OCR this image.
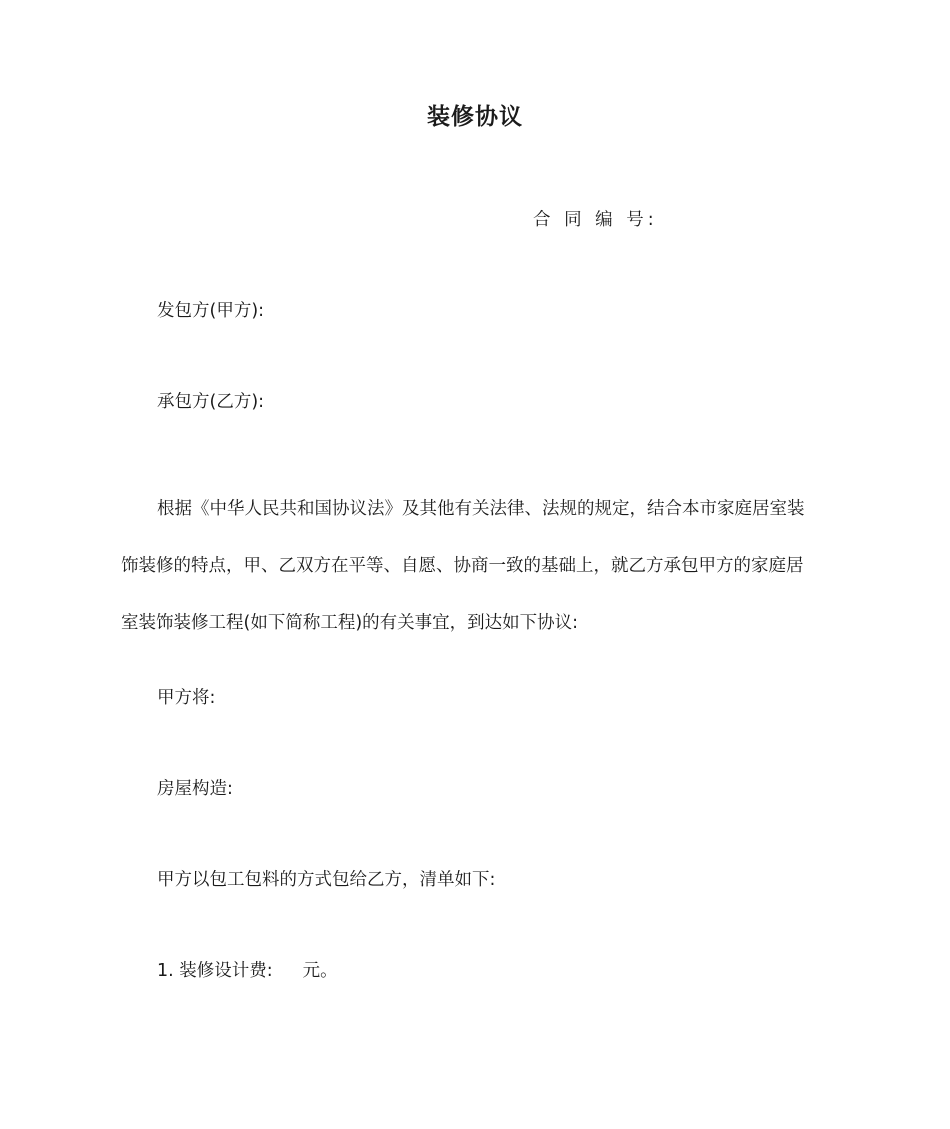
装修协议
合 同 编 号:
发包方(甲方):
承包方(乙方):
根据《中华人民共和国协议法》及其他有关法律、法规的规定，结合本市家庭居室装
饰装修的特点，甲、乙双方在平等、自愿、协商一致的基础上，就乙方承包甲方的家庭居
室装饰装修工程(如下简称工程)的有关事宜，到达如下协议:
甲方将:
房屋构造:
甲方以包工包料的方式包给乙方，清单如下:
1. 装修设计费: 元。
